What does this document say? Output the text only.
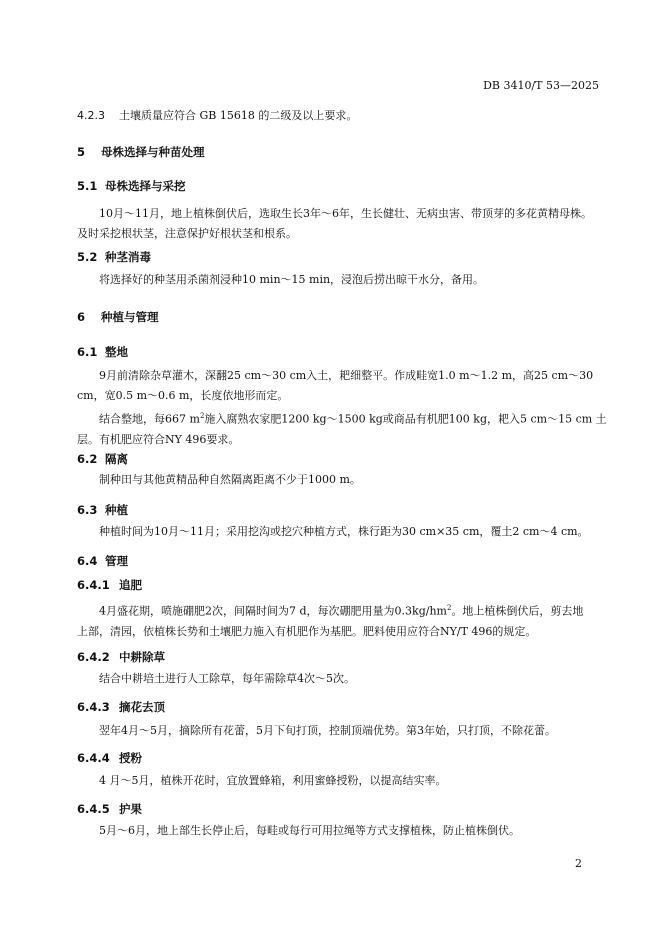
DB 3410/T 53—2025
4.2.3	土壤质量应符合 GB 15618 的二级及以上要求。
5	母株选择与种苗处理
5.1 母株选择与采挖
10月～11月，地上植株倒伏后，选取生长3年～6年，生长健壮、无病虫害、带顶芽的多花黄精母株。
及时采挖根状茎，注意保护好根状茎和根系。
5.2 种茎消毒
将选择好的种茎用杀菌剂浸种10 min～15 min，浸泡后捞出晾干水分，备用。
6	种植与管理
6.1 整地
9月前清除杂草灌木，深翻25 cm～30 cm入土，耙细整平。作成畦宽1.0 m～1.2 m，高25 cm～30
cm，宽0.5 m～0.6 m，长度依地形而定。
结合整地，每667 $m^2$施入腐熟农家肥1200 kg～1500 kg或商品有机肥100 kg，耙入5 cm～15 cm 土
层。有机肥应符合NY 496要求。
6.2 隔离
制种田与其他黄精品种自然隔离距离不少于1000 m。
6.3 种植
种植时间为10月～11月；采用挖沟或挖穴种植方式，株行距为30 cm×35 cm，覆土2 cm～4 cm。
6.4 管理
6.4.1 追肥
4月盛花期，喷施硼肥2次，间隔时间为7 d，每次硼肥用量为$0.3kg/hm^2$。地上植株倒伏后，剪去地
上部，清园，依植株长势和土壤肥力施入有机肥作为基肥。肥料使用应符合NY/T 496的规定。
6.4.2 中耕除草
结合中耕培土进行人工除草，每年需除草4次～5次。
6.4.3 摘花去顶
翌年4月～5月，摘除所有花蕾，5月下旬打顶，控制顶端优势。第3年始，只打顶，不除花蕾。
6.4.4 授粉
4 月～5月，植株开花时，宜放置蜂箱，利用蜜蜂授粉，以提高结实率。
6.4.5 护果
5月～6月，地上部生长停止后，每畦或每行可用拉绳等方式支撑植株，防止植株倒伏。
2
